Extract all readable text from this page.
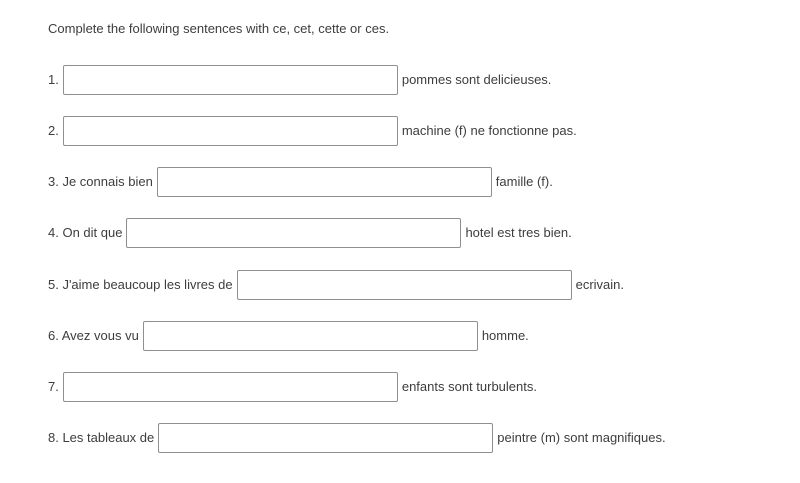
Complete the following sentences with ce, cet, cette or ces.
1.	pommes sont delicieuses.
2.	machine (f) ne fonctionne pas.
3. Je connais bien	famille (f).
4. On dit que	hotel est tres bien.
5. J'aime beaucoup les livres de	ecrivain.
6. Avez vous vu	homme.
7.	enfants sont turbulents.
8. Les tableaux de	peintre (m) sont magnifiques.
